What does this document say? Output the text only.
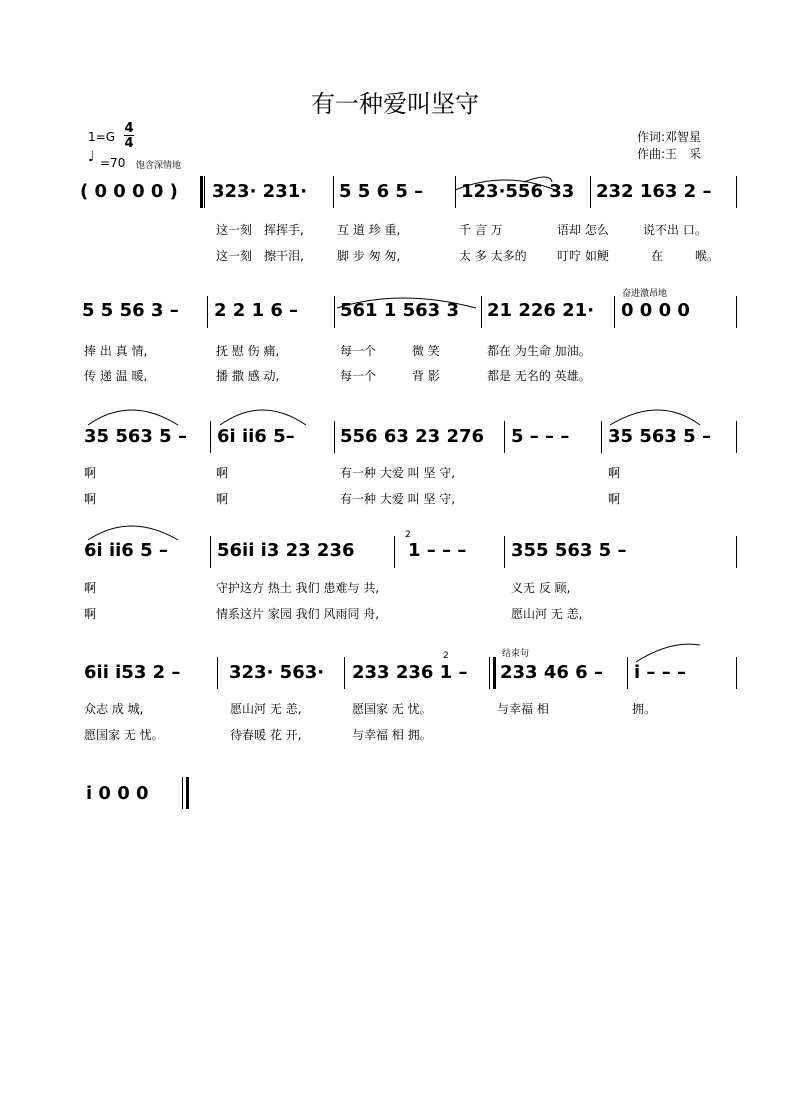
有一种爱叫坚守
1=G
4
4
♩ =70 饱含深情地
作词:邓智星
作曲:王　采
( 0 0 0 0 ) 323· 231· 5 5 6 5 – 123·556 33 232 163 2 –
这一刻 挥挥手,	互 道 珍 重,	千 言 万	语却 怎么	说不出 口。
这一刻 擦干泪,	脚 步 匆 匆,	太 多 太多的	叮咛 如鲠	在	喉。
奋进激昂地
5 5 56 3 – 2 2 1 6 – 561 1 563 3 21 226 21· 0 0 0 0
捧 出 真 情,	抚 慰 伤 痛,	每一个	微 笑	都在 为生命 加油。
传 递 温 暖,	播 撒 感 动,	每一个	背 影	都是 无名的 英雄。
35 563 5 – 6i ii6 5–	556 63 23 276 5 – – – 35 563 5 –
啊	啊	有一种 大爱 叫 坚 守,	啊
啊	啊	有一种 大爱 叫 坚 守,	啊
6i ii6 5 –	56ii i3 23 236
2
1 – – – 355 563 5 –
啊	守护这方 热土 我们 患难与 共,	义无 反 顾,
啊	情系这片 家园 我们 风雨同 舟,	愿山河 无 恙,
结束句
6ii i53 2 –	323· 563·
2
233 236 1 – 233 46 6 – i – – –
众志 成 城,	愿山河 无 恙,	愿国家 无 忧。	与幸福 相	拥。
愿国家 无 忧。	待春暖 花 开,	与幸福 相 拥。
i 0 0 0
